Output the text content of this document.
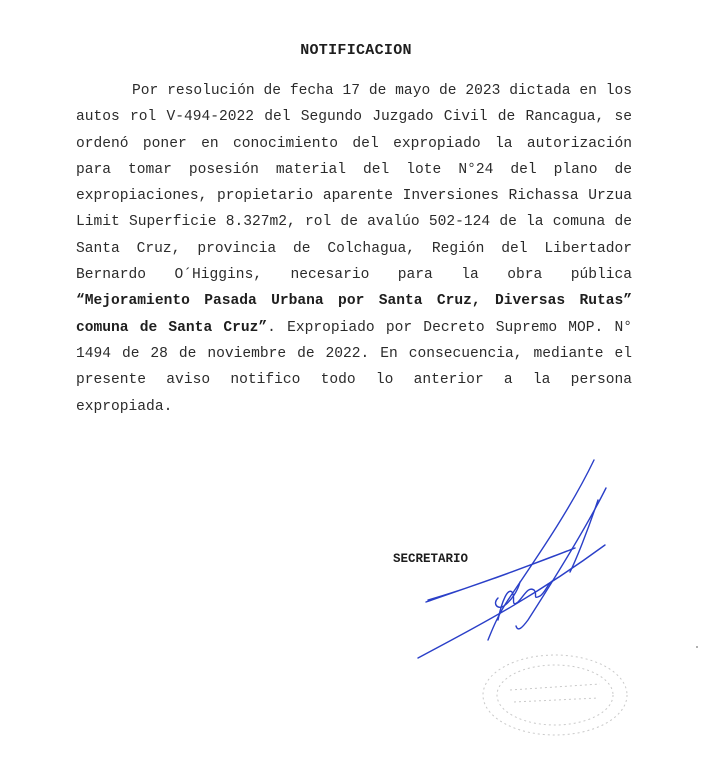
NOTIFICACION

Por resolución de fecha 17 de mayo de 2023 dictada en los autos rol V-494-2022 del Segundo Juzgado Civil de Rancagua, se ordenó poner en conocimiento del expropiado la autorización para tomar posesión material del lote N°24 del plano de expropiaciones, propietario aparente Inversiones Richassa Urzua Limit Superficie 8.327m2, rol de avalúo 502-124 de la comuna de Santa Cruz, provincia de Colchagua, Región del Libertador Bernardo O´Higgins, necesario para la obra pública “Mejoramiento Pasada Urbana por Santa Cruz, Diversas Rutas” comuna de Santa Cruz”. Expropiado por Decreto Supremo MOP. N° 1494 de 28 de noviembre de 2022. En consecuencia, mediante el presente aviso notifico todo lo anterior a la persona expropiada.

SECRETARIO
